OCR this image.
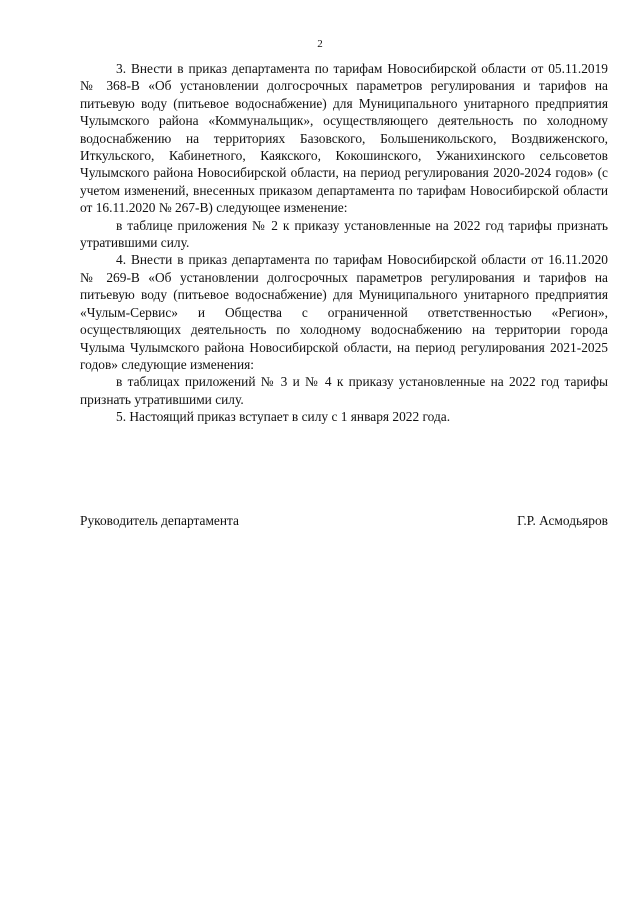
2

3. Внести в приказ департамента по тарифам Новосибирской области от 05.11.2019 № 368-В «Об установлении долгосрочных параметров регулирования и тарифов на питьевую воду (питьевое водоснабжение) для Муниципального унитарного предприятия Чулымского района «Коммунальщик», осуществляющего деятельность по холодному водоснабжению на территориях Базовского, Большеникольского, Воздвиженского, Иткульского, Кабинетного, Каякского, Кокошинского, Ужанихинского сельсоветов Чулымского района Новосибирской области, на период регулирования 2020-2024 годов» (с учетом изменений, внесенных приказом департамента по тарифам Новосибирской области от 16.11.2020 № 267-В) следующее изменение:

в таблице приложения № 2 к приказу установленные на 2022 год тарифы признать утратившими силу.

4. Внести в приказ департамента по тарифам Новосибирской области от 16.11.2020 № 269-В «Об установлении долгосрочных параметров регулирования и тарифов на питьевую воду (питьевое водоснабжение) для Муниципального унитарного предприятия «Чулым-Сервис» и Общества с ограниченной ответственностью «Регион», осуществляющих деятельность по холодному водоснабжению на территории города Чулыма Чулымского района Новосибирской области, на период регулирования 2021-2025 годов» следующие изменения:

в таблицах приложений № 3 и № 4 к приказу установленные на 2022 год тарифы признать утратившими силу.

5. Настоящий приказ вступает в силу с 1 января 2022 года.

Руководитель департамента	Г.Р. Асмодьяров
